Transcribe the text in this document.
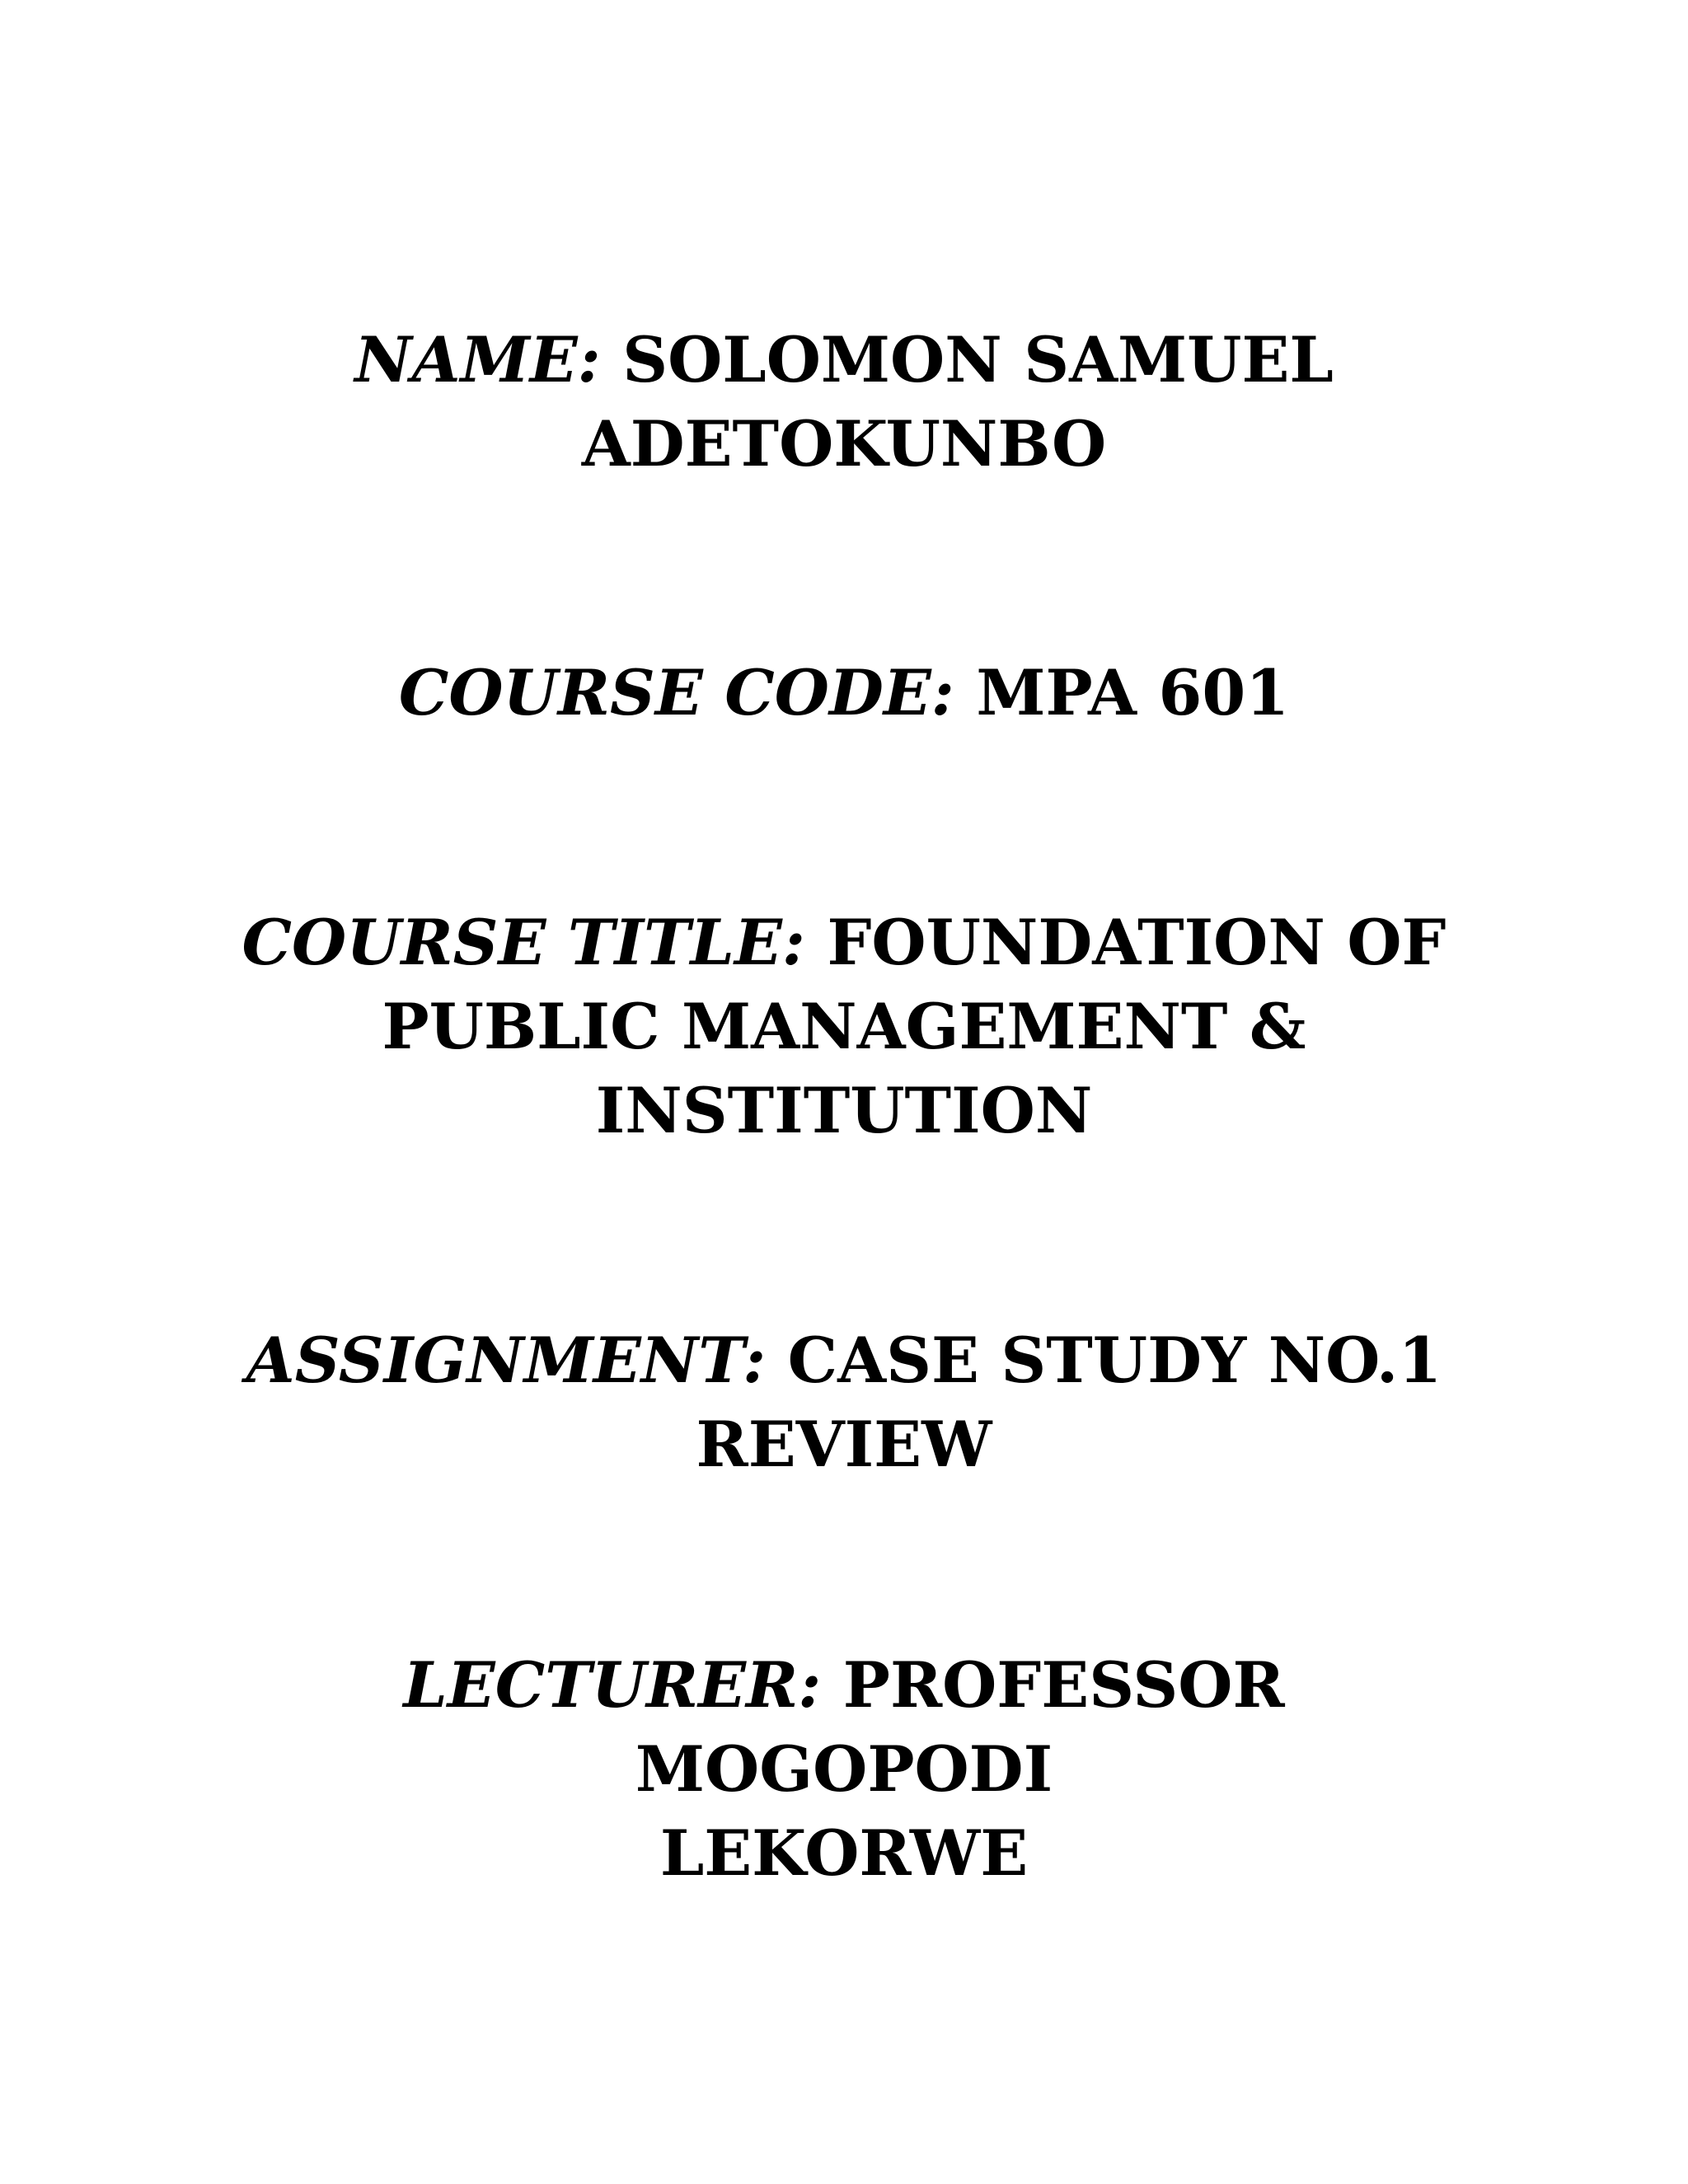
NAME: SOLOMON SAMUEL
ADETOKUNBO
COURSE CODE: MPA 601
COURSE TITLE: FOUNDATION OF
PUBLIC MANAGEMENT &
INSTITUTION
ASSIGNMENT: CASE STUDY NO.1
REVIEW
LECTURER: PROFESSOR MOGOPODI
LEKORWE
